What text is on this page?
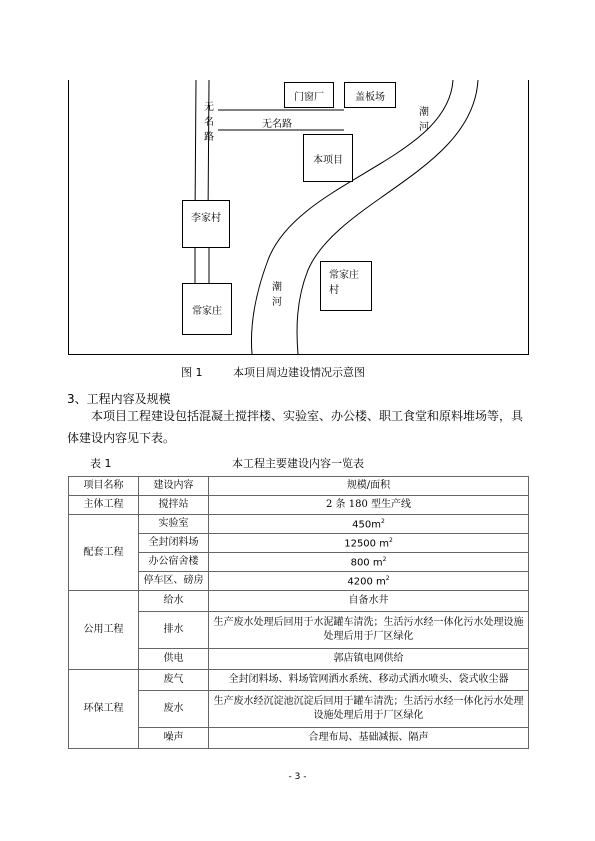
门窗厂	盖板场
本项目
李家村
常家庄
常家庄
村
无
名
路
无名路
潮
河
潮
河
图 1	本项目周边建设情况示意图
3、工程内容及规模
本项目工程建设包括混凝土搅拌楼、实验室、办公楼、职工食堂和原料堆场等，具体建设内容见下表。
表 1	本工程主要建设内容一览表
项目名称	建设内容	规模/面积
主体工程	搅拌站	2 条 180 型生产线
配套工程	实验室	$450m^2$
	全封闭料场	12500 $m^2$
	办公宿舍楼	800 $m^2$
	停车区、磅房	4200 $m^2$
公用工程	给水	自备水井
	排水	生产废水处理后回用于水泥罐车清洗；生活污水经一体化污水处理设施处理后用于厂区绿化
	供电	郭店镇电网供给
环保工程	废气	全封闭料场、料场管网洒水系统、移动式洒水喷头、袋式收尘器
	废水	生产废水经沉淀池沉淀后回用于罐车清洗；生活污水经一体化污水处理设施处理后用于厂区绿化
	噪声	合理布局、基础减振、隔声
- 3 -
